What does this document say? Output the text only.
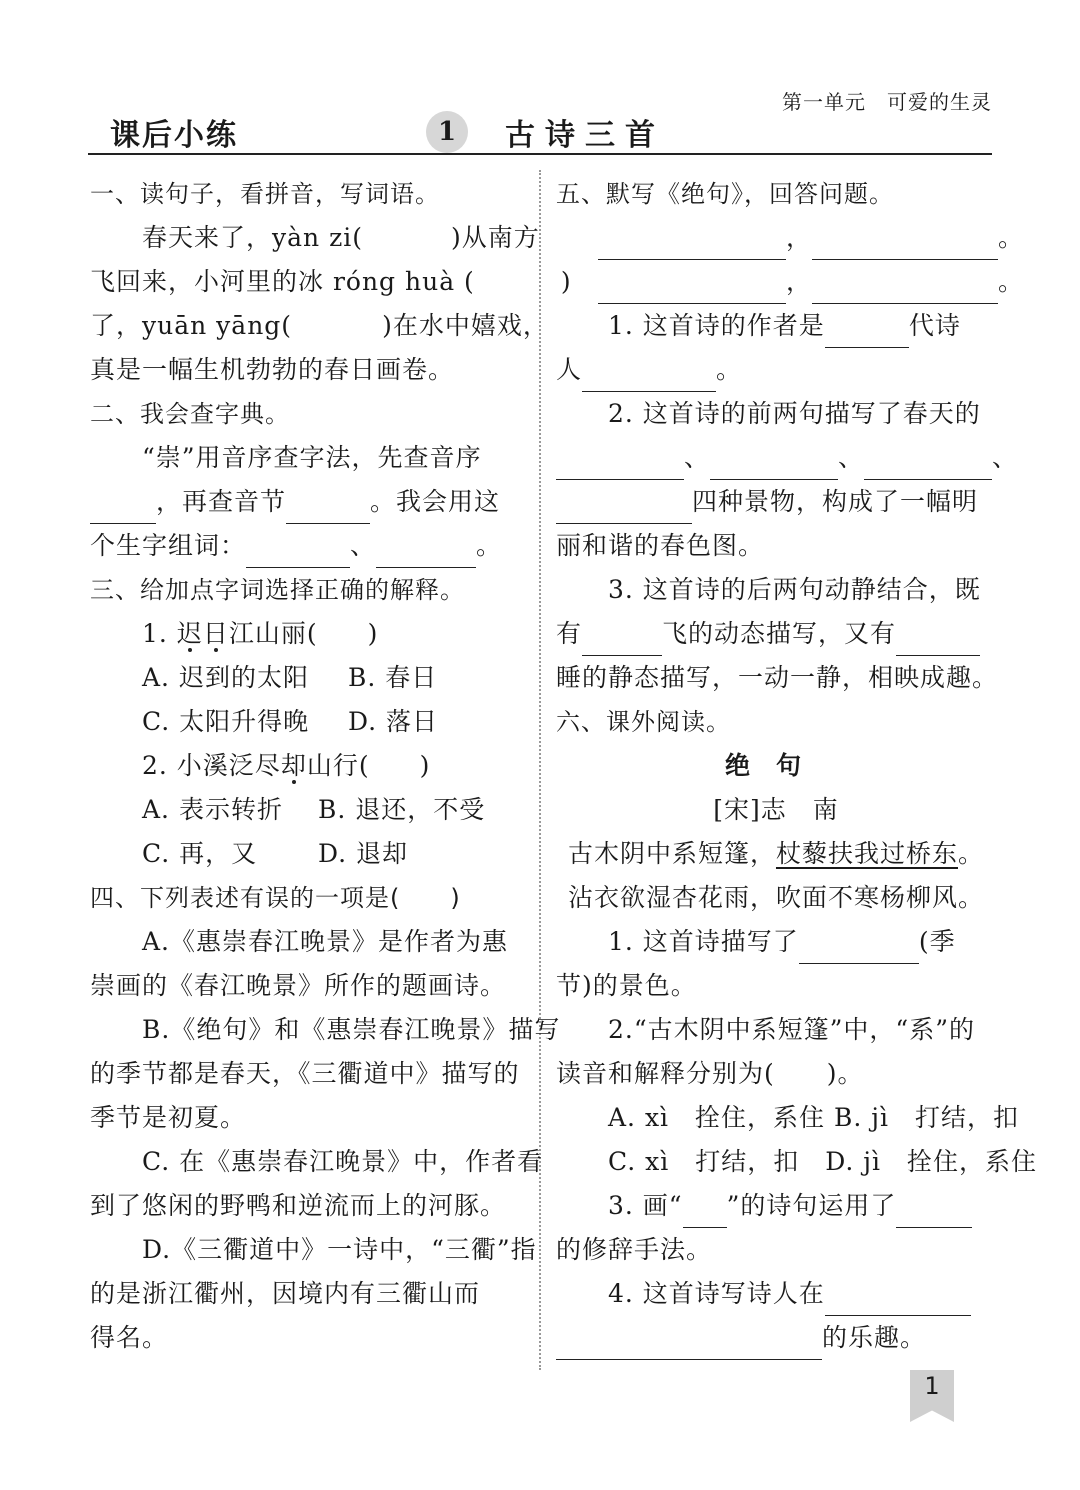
第一单元　可爱的生灵
课后小练	1	古诗三首
一、读句子，看拼音，写词语。
春天来了，yàn zi(	)从南方
飞回来，小河里的冰 róng huà (	)
了，yuān yāng(	)在水中嬉戏，
真是一幅生机勃勃的春日画卷。
二、我会查字典。
“崇”用音序查字法，先查音序
，再查音节	。我会用这
个生字组词：	、	。
三、给加点字词选择正确的解释。
1. 迟日江山丽( )
A. 迟到的太阳 B. 春日
C. 太阳升得晚 D. 落日
2. 小溪泛尽却山行( )
A. 表示转折 B. 退还，不受
C. 再，又 D. 退却
四、下列表述有误的一项是( )
A.《惠崇春江晚景》是作者为惠
崇画的《春江晚景》所作的题画诗。
B.《绝句》和《惠崇春江晚景》描写
的季节都是春天，《三衢道中》描写的
季节是初夏。
C. 在《惠崇春江晚景》中，作者看
到了悠闲的野鸭和逆流而上的河豚。
D.《三衢道中》一诗中，“三衢”指
的是浙江衢州，因境内有三衢山而
得名。
五、默写《绝句》，回答问题。
，	。
，	。
1. 这首诗的作者是	代诗
人	。
2. 这首诗的前两句描写了春天的
、	、	、
四种景物，构成了一幅明
丽和谐的春色图。
3. 这首诗的后两句动静结合，既
有	飞的动态描写，又有
睡的静态描写，一动一静，相映成趣。
六、课外阅读。
绝句
[宋]志　南
古木阴中系短篷，杖藜扶我过桥东。
沾衣欲湿杏花雨，吹面不寒杨柳风。
1. 这首诗描写了	(季
节)的景色。
2.“古木阴中系短篷”中，“系”的
读音和解释分别为( )。
A. xì　拴住，系住 B. jì　打结，扣
C. xì　打结，扣　D. jì　拴住，系住
3. 画“ ”的诗句运用了
的修辞手法。
4. 这首诗写诗人在
的乐趣。
1
